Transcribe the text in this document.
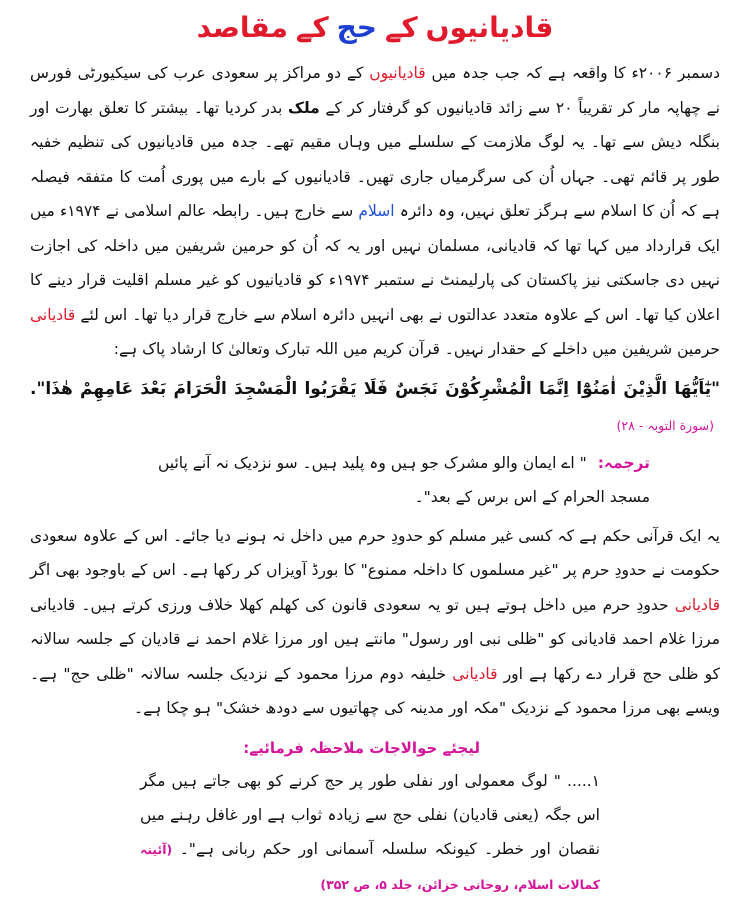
قادیانیوںکےحجکےمقاصد
دسمبر ۲۰۰۶ء کا واقعہ ہے کہ جب جدہ میں قادیانیوں کے دو مراکز پر سعودی عرب کی سیکیورٹی فورس نے چھاپہ مار کر تقریباً ۲۰ سے زائد قادیانیوں کو گرفتار کر کے ملک بدر کردیا تھا۔ بیشتر کا تعلق بھارت اور بنگلہ دیش سے تھا۔ یہ لوگ ملازمت کے سلسلے میں وہاں مقیم تھے۔ جدہ میں قادیانیوں کی تنظیم خفیہ طور پر قائم تھی۔ جہاں اُن کی سرگرمیاں جاری تھیں۔ قادیانیوں کے بارے میں پوری اُمت کا متفقہ فیصلہ ہے کہ اُن کا اسلام سے ہرگز تعلق نہیں، وہ دائرہ اسلام سے خارج ہیں۔ رابطہ عالم اسلامی نے ۱۹۷۴ء میں ایک قرارداد میں کہا تھا کہ قادیانی، مسلمان نہیں اور یہ کہ اُن کو حرمین شریفین میں داخلہ کی اجازت نہیں دی جاسکتی نیز پاکستان کی پارلیمنٹ نے ستمبر ۱۹۷۴ء کو قادیانیوں کو غیر مسلم اقلیت قرار دینے کا اعلان کیا تھا۔ اس کے علاوہ متعدد عدالتوں نے بھی انہیں دائرہ اسلام سے خارج قرار دیا تھا۔ اس لئے قادیانی حرمین شریفین میں داخلے کے حقدار نہیں۔ قرآن کریم میں اللہ تبارک وتعالیٰ کا ارشاد پاک ہے:
"يٰٓاَيُّهَا الَّذِيْنَ اٰمَنُوْٓا اِنَّمَا الْمُشْرِكُوْنَ نَجَسٌ فَلَا يَقْرَبُوا الْمَسْجِدَ الْحَرَامَ بَعْدَ عَامِهِمْ هٰذَا". (سورة التوبہ - ۲۸)
ترجمہ: " اے ایمان والو مشرک جو ہیں وہ پلید ہیں۔ سو نزدیک نہ آنے پائیں مسجد الحرام کے اس برس کے بعد"۔
یہ ایک قرآنی حکم ہے کہ کسی غیر مسلم کو حدودِ حرم میں داخل نہ ہونے دیا جائے۔ اس کے علاوہ سعودی حکومت نے حدودِ حرم پر "غیر مسلموں کا داخلہ ممنوع" کا بورڈ آویزاں کر رکھا ہے۔ اس کے باوجود بھی اگر قادیانی حدودِ حرم میں داخل ہوتے ہیں تو یہ سعودی قانون کی کھلم کھلا خلاف ورزی کرتے ہیں۔ قادیانی مرزا غلام احمد قادیانی کو "ظلی نبی اور رسول" مانتے ہیں اور مرزا غلام احمد نے قادیان کے جلسہ سالانہ کو ظلی حج قرار دے رکھا ہے اور قادیانی خلیفہ دوم مرزا محمود کے نزدیک جلسہ سالانہ "ظلی حج" ہے۔ ویسے بھی مرزا محمود کے نزدیک "مکہ اور مدینہ کی چھاتیوں سے دودھ خشک" ہو چکا ہے۔
لیجئے حوالاجات ملاحظہ فرمائیے:
۱..... " لوگ معمولی اور نفلی طور پر حج کرنے کو بھی جاتے ہیں مگر اس جگہ (یعنی قادیان) نفلی حج سے زیادہ ثواب ہے اور غافل رہنے میں نقصان اور خطر۔ کیونکہ سلسلہ آسمانی اور حکم ربانی ہے"۔ (آئینہ کمالات اسلام، روحانی خزائن، جلد ۵، ص ۳۵۲)
